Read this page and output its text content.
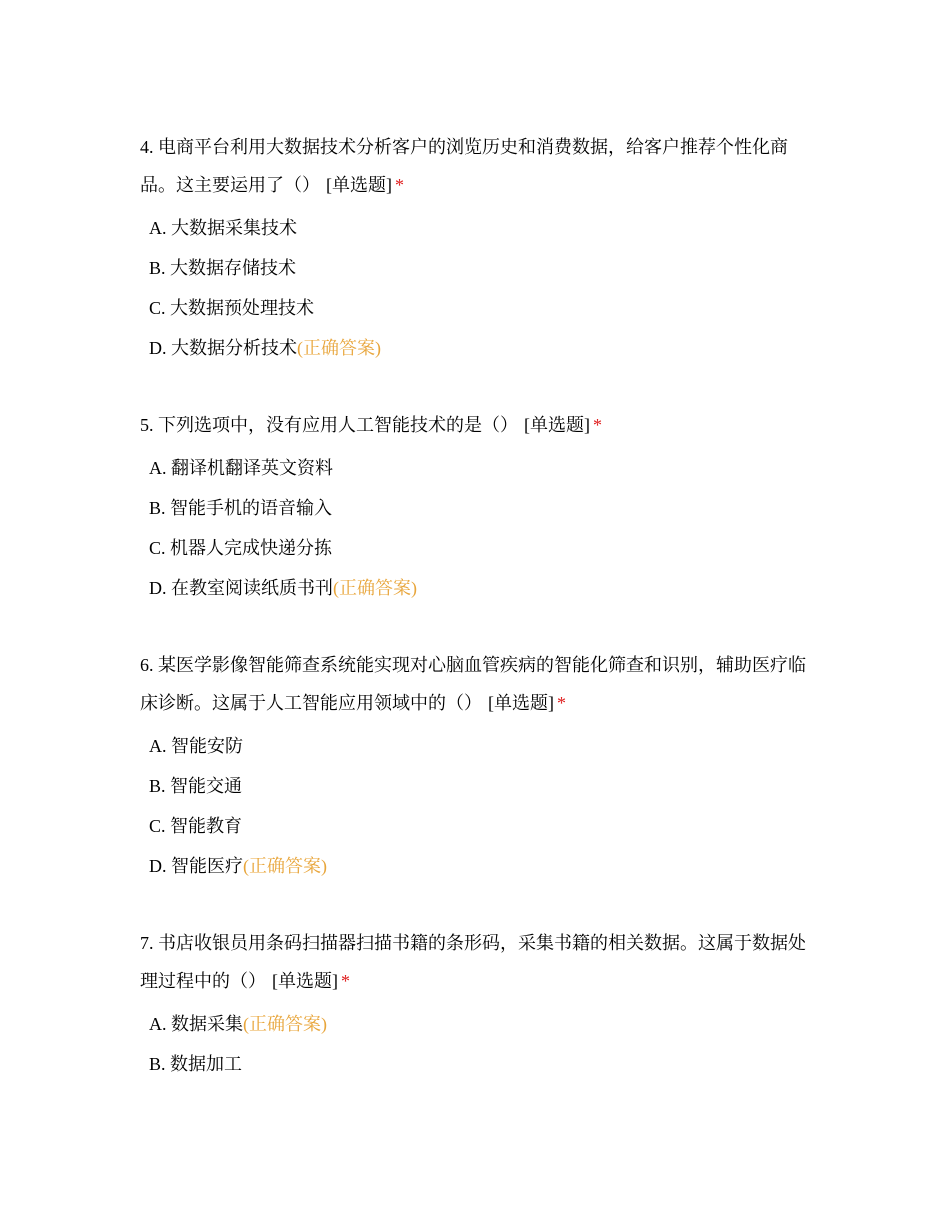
4. 电商平台利用大数据技术分析客户的浏览历史和消费数据，给客户推荐个性化商品。这主要运用了（） [单选题] *

A. 大数据采集技术
B. 大数据存储技术
C. 大数据预处理技术
D. 大数据分析技术(正确答案)

5. 下列选项中，没有应用人工智能技术的是（） [单选题] *

A. 翻译机翻译英文资料
B. 智能手机的语音输入
C. 机器人完成快递分拣
D. 在教室阅读纸质书刊(正确答案)

6. 某医学影像智能筛查系统能实现对心脑血管疾病的智能化筛查和识别，辅助医疗临床诊断。这属于人工智能应用领域中的（） [单选题] *

A. 智能安防
B. 智能交通
C. 智能教育
D. 智能医疗(正确答案)

7. 书店收银员用条码扫描器扫描书籍的条形码，采集书籍的相关数据。这属于数据处理过程中的（） [单选题] *

A. 数据采集(正确答案)
B. 数据加工
